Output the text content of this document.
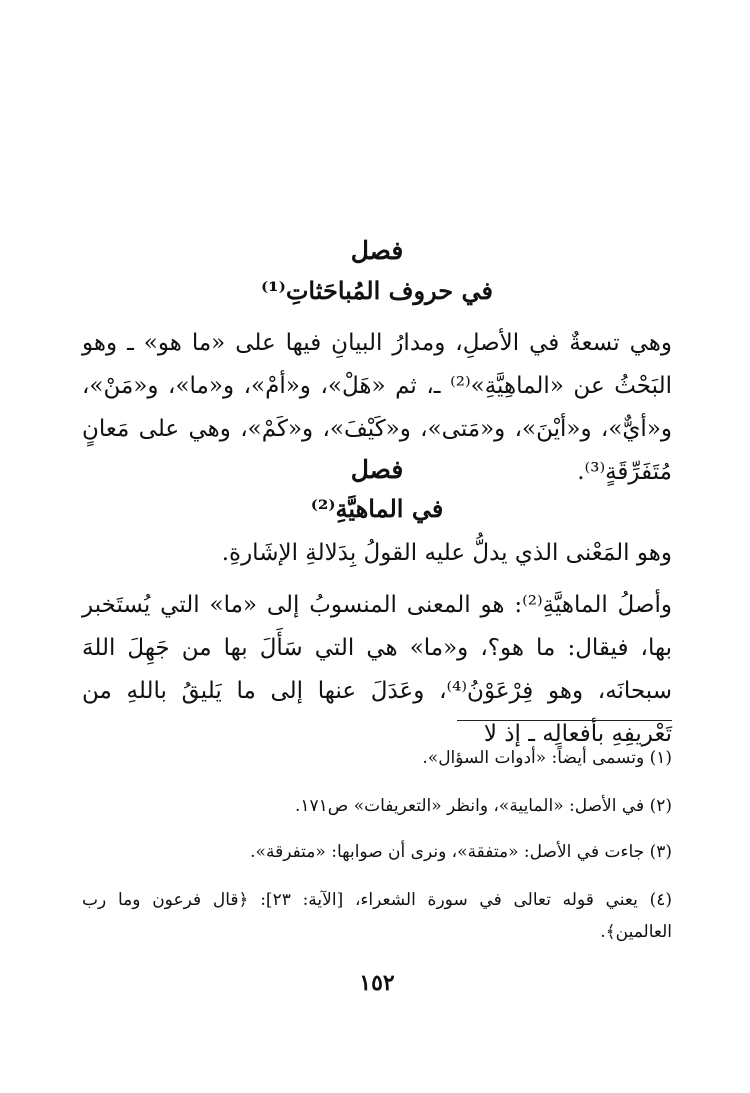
فصل
في حروف المُباحَثاتِ⁽¹⁾

وهي تسعةٌ في الأصلِ، ومدارُ البيانِ فيها على «ما هو» ـ وهو البَحْثُ عن «الماهِيَّةِ»⁽²⁾ ـ، ثم «هَلْ»، و«أمْ»، و«ما»، و«مَنْ»، و«أيٌّ»، و«أيْنَ»، و«مَتى»، و«كَيْفَ»، و«كَمْ»، وهي على مَعانٍ مُتَفَرِّقَةٍ⁽³⁾.

فصل
في الماهيَّةِ⁽²⁾

وهو المَعْنى الذي يدلُّ عليه القولُ بِدَلالةِ الإشَارةِ.

وأصلُ الماهيَّةِ⁽²⁾: هو المعنى المنسوبُ إلى «ما» التي يُستَخبر بها، فيقال: ما هو؟، و«ما» هي التي سَأَلَ بها من جَهِلَ اللهَ سبحانَه، وهو فِرْعَوْنُ⁽⁴⁾، وعَدَلَ عنها إلى ما يَليقُ باللهِ من تَعْريفِهِ بأفعالِه ـ إذ لا

(١) وتسمى أيضاً: «أدوات السؤال».

(٢) في الأصل: «المايية»، وانظر «التعريفات» ص١٧١.

(٣) جاءت في الأصل: «متفقة»، ونرى أن صوابها: «متفرقة».

(٤) يعني قوله تعالى في سورة الشعراء، [الآية: ٢٣]: ﴿قال فرعون وما رب العالمين﴾.

١٥٢
